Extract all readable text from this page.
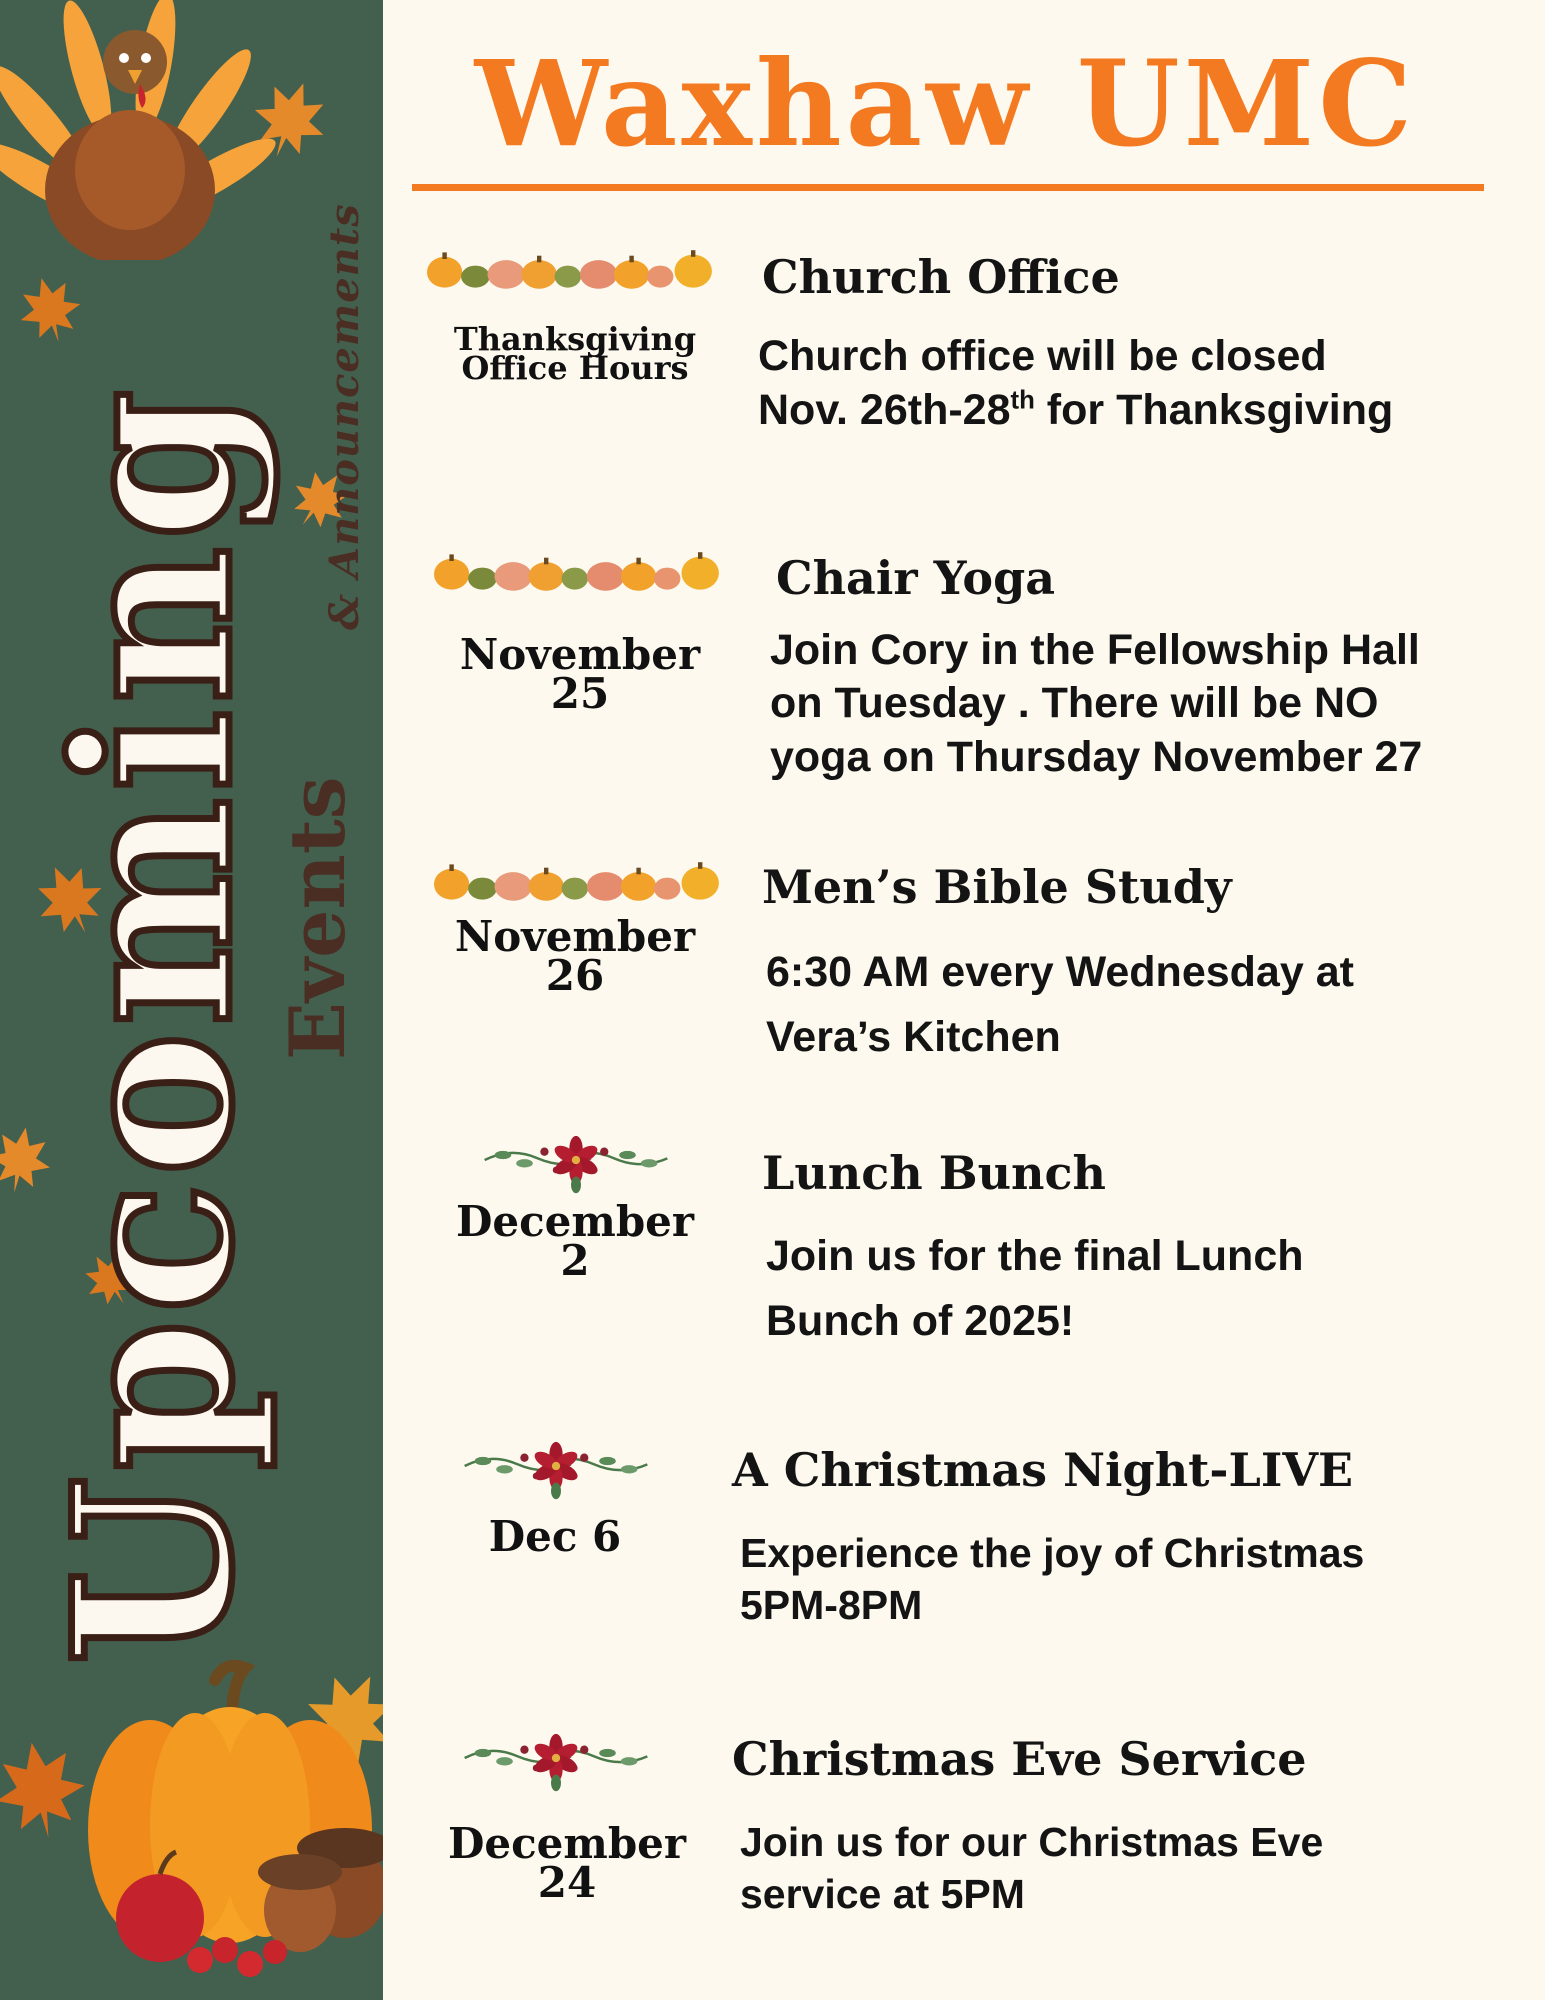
Upcoming
Events
& Announcements
Waxhaw UMC
Thanksgiving
Office Hours
Church Office
Church office will be closed
Nov. 26th-28th for Thanksgiving
November
25
Chair Yoga
Join Cory in the Fellowship Hall
on Tuesday . There will be NO
yoga on Thursday November 27
November
26
Men’s Bible Study
6:30 AM every Wednesday at
Vera’s Kitchen
December
2
Lunch Bunch
Join us for the final Lunch
Bunch of 2025!
Dec 6
A Christmas Night-LIVE
Experience the joy of Christmas
5PM-8PM
December
24
Christmas Eve Service
Join us for our Christmas Eve
service at 5PM
